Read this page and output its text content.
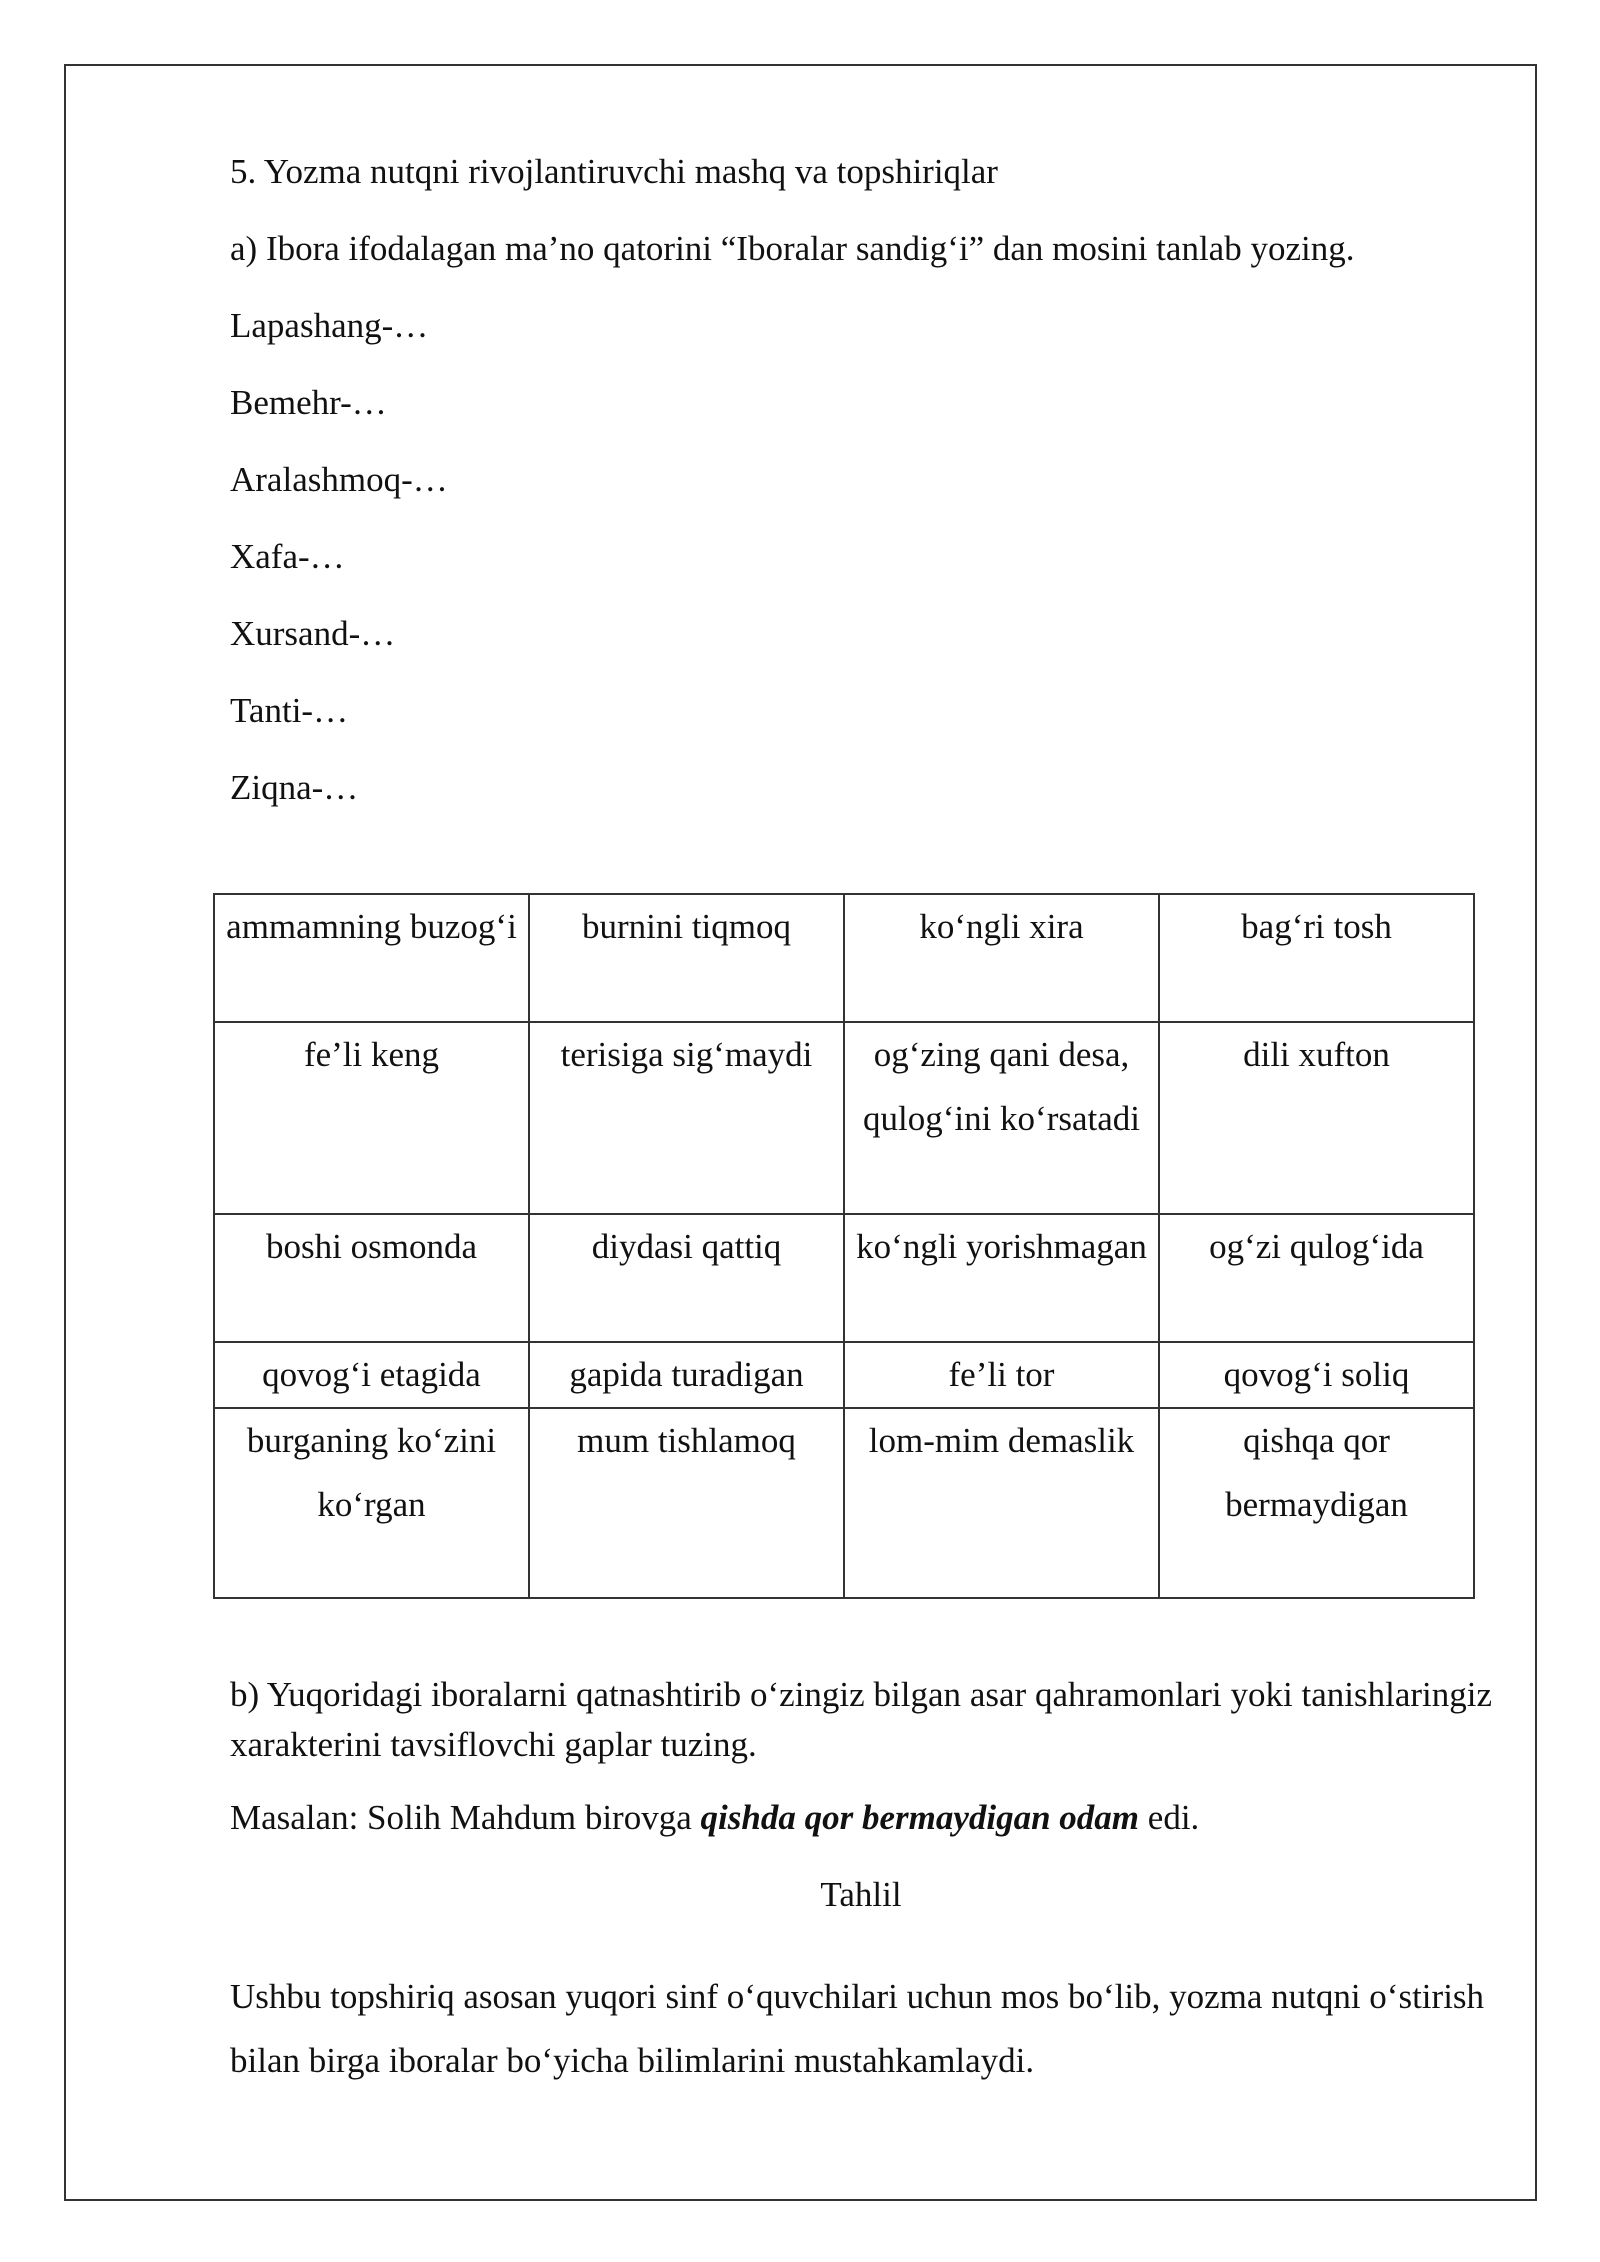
5. Yozma nutqni rivojlantiruvchi mashq va topshiriqlar

a) Ibora ifodalagan ma’no qatorini “Iboralar sandig‘i” dan mosini tanlab yozing.

Lapashang-…

Bemehr-…

Aralashmoq-…

Xafa-…

Xursand-…

Tanti-…

Ziqna-…

ammamning buzog‘i	burnini tiqmoq	ko‘ngli xira	bag‘ri tosh
fe’li keng	terisiga sig‘maydi	og‘zing qani desa, qulog‘ini ko‘rsatadi	dili xufton
boshi osmonda	diydasi qattiq	ko‘ngli yorishmagan	og‘zi qulog‘ida
qovog‘i etagida	gapida turadigan	fe’li tor	qovog‘i soliq
burganing ko‘zini ko‘rgan	mum tishlamoq	lom-mim demaslik	qishqa qor bermaydigan

b) Yuqoridagi iboralarni qatnashtirib o‘zingiz bilgan asar qahramonlari yoki tanishlaringiz xarakterini tavsiflovchi gaplar tuzing.

Masalan: Solih Mahdum birovga qishda qor bermaydigan odam edi.

Tahlil

Ushbu topshiriq asosan yuqori sinf o‘quvchilari uchun mos bo‘lib, yozma nutqni o‘stirish bilan birga iboralar bo‘yicha bilimlarini mustahkamlaydi.
